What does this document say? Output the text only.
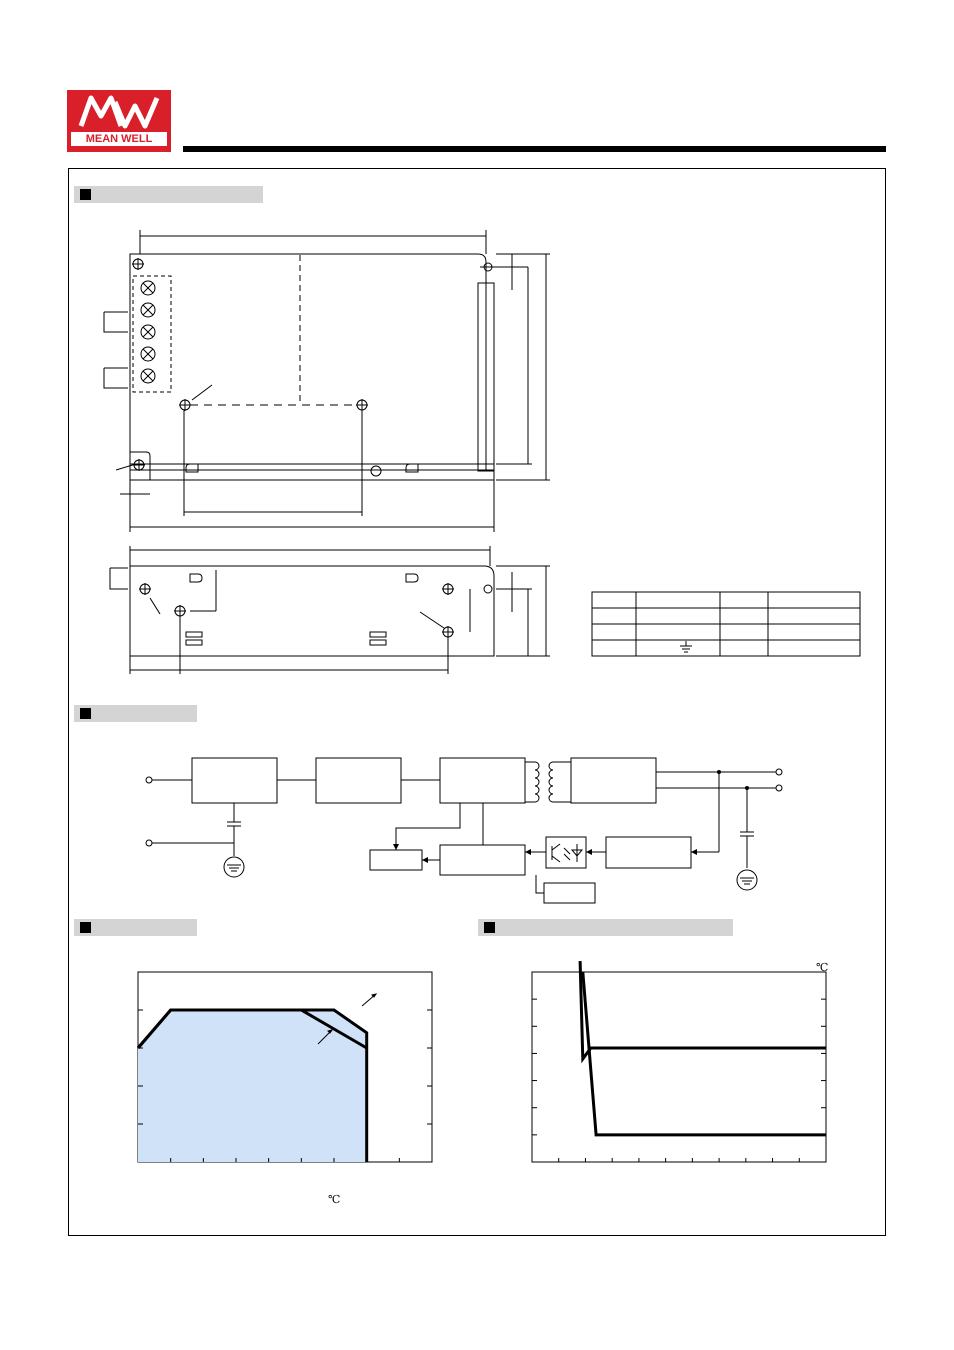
MEAN WELL
℃
℃
